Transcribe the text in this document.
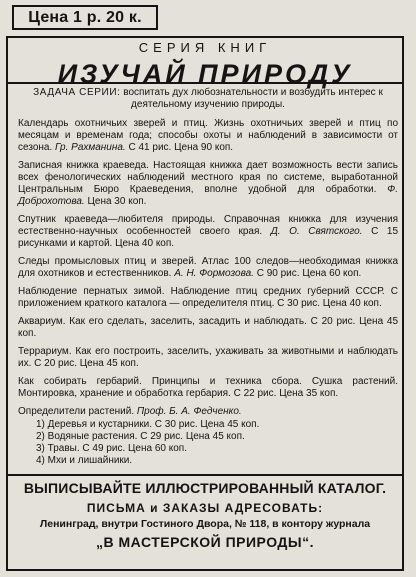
Цена 1 р. 20 к.
СЕРИЯ КНИГ
ИЗУЧАЙ ПРИРОДУ
ЗАДАЧА СЕРИИ: воспитать дух любознательности и возбудить интерес к деятельному изучению природы.
Календарь охотничьих зверей и птиц. Жизнь охотничьих зверей и птиц по месяцам и временам года; способы охоты и наблюдений в зависимости от сезона. Гр. Рахманина. С 41 рис. Цена 90 коп.
Записная книжка краеведа. Настоящая книжка дает возможность вести запись всех фенологических наблюдений местного края по системе, выработанной Центральным Бюро Краеведения, вполне удобной для обработки. Ф. Доброхотова. Цена 30 коп.
Спутник краеведа—любителя природы. Справочная книжка для изучения естественно-научных особенностей своего края. Д. О. Святского. С 15 рисунками и картой. Цена 40 коп.
Следы промысловых птиц и зверей. Атлас 100 следов—необходимая книжка для охотников и естественников. А. Н. Формозова. С 90 рис. Цена 60 коп.
Наблюдение пернатых зимой. Наблюдение птиц средних губерний СССР. С приложением краткого каталога — определителя птиц. С 30 рис. Цена 40 коп.
Аквариум. Как его сделать, заселить, засадить и наблюдать. С 20 рис. Цена 45 коп.
Террариум. Как его построить, заселить, ухаживать за животными и наблюдать их. С 20 рис. Цена 45 коп.
Как собирать гербарий. Принципы и техника сбора. Сушка растений. Монтировка, хранение и обработка гербария. С 22 рис. Цена 35 коп.
Определители растений. Проф. Б. А. Федченко.
1) Деревья и кустарники. С 30 рис. Цена 45 коп.
2) Водяные растения. С 29 рис. Цена 45 коп.
3) Травы. С 49 рис. Цена 60 коп.
4) Мхи и лишайники.
ВЫПИСЫВАЙТЕ ИЛЛЮСТРИРОВАННЫЙ КАТАЛОГ.
ПИСЬМА и ЗАКАЗЫ АДРЕСОВАТЬ:
Ленинград, внутри Гостиного Двора, № 118, в контору журнала
„В МАСТЕРСКОЙ ПРИРОДЫ“.
